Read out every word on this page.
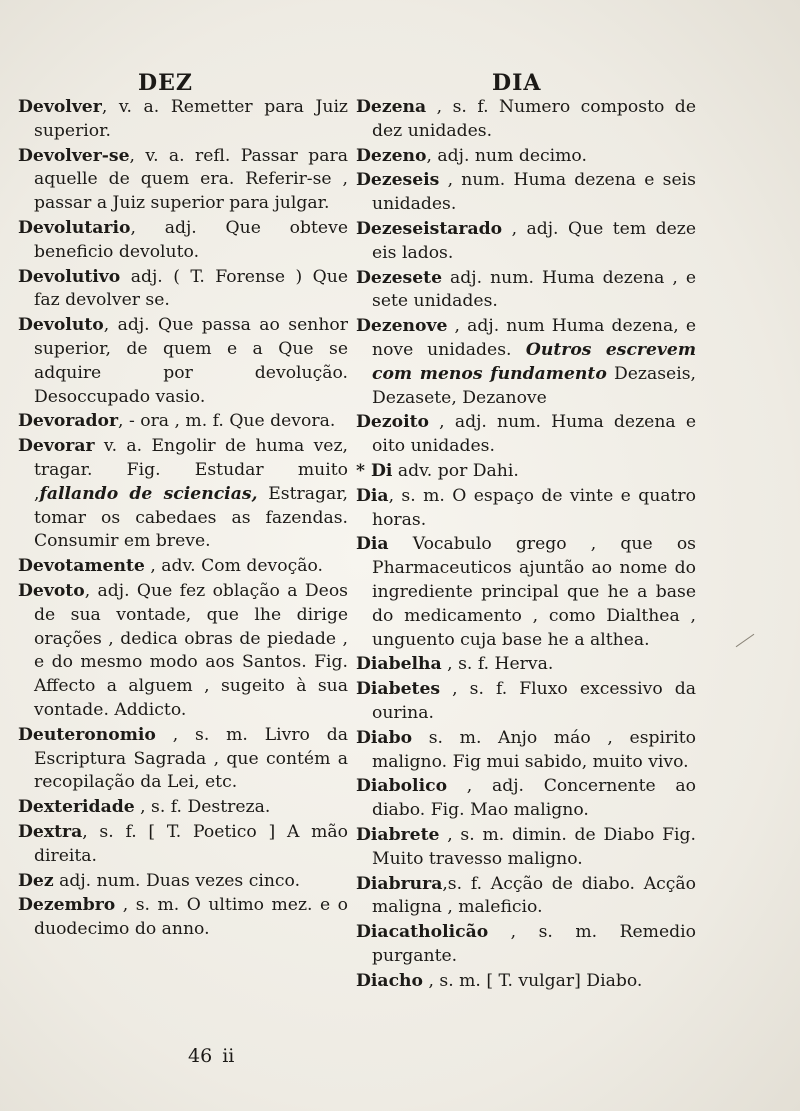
DEZ	DIA

Devolver, v. a. Remetter para Juiz superior.

Devolver-se, v. a. refl. Passar para aquelle de quem era. Referir-se , passar a Juiz superior para julgar.

Devolutario, adj. Que obteve beneficio devoluto.

Devolutivo adj. ( T. Forense ) Que faz devolver se.

Devoluto, adj. Que passa ao senhor superior, de quem e a Que se adquire por devolução. Desoccupado vasio.

Devorador, - ora , m. f. Que devora.

Devorar v. a. Engolir de huma vez, tragar. Fig. Estudar muito ,fallando de sciencias, Estragar, tomar os cabedaes as fazendas. Consumir em breve.

Devotamente , adv. Com devoção.

Devoto, adj. Que fez oblação a Deos de sua vontade, que lhe dirige orações , dedica obras de piedade , e do mesmo modo aos Santos. Fig. Affecto a alguem , sugeito à sua vontade. Addicto.

Deuteronomio , s. m. Livro da Escriptura Sagrada , que contém a recopilação da Lei, etc.

Dexteridade , s. f. Destreza.

Dextra, s. f. [ T. Poetico ] A mão direita.

Dez adj. num. Duas vezes cinco.

Dezembro , s. m. O ultimo mez. e o duodecimo do anno.

Dezena , s. f. Numero composto de dez unidades.

Dezeno, adj. num decimo.

Dezeseis , num. Huma dezena e seis unidades.

Dezeseistarado , adj. Que tem deze eis lados.

Dezesete adj. num. Huma dezena , e sete unidades.

Dezenove , adj. num Huma dezena, e nove unidades. Outros escrevem com menos fundamento Dezaseis, Dezasete, Dezanove

Dezoito , adj. num. Huma dezena e oito unidades.

* Di adv. por Dahi.

Dia, s. m. O espaço de vinte e quatro horas.

Dia Vocabulo grego , que os Pharmaceuticos ajuntão ao nome do ingrediente principal que he a base do medicamento , como Dialthea , unguento cuja base he a althea.

Diabelha , s. f. Herva.

Diabetes , s. f. Fluxo excessivo da ourina.

Diabo s. m. Anjo máo , espirito maligno. Fig mui sabido, muito vivo.

Diabolico , adj. Concernente ao diabo. Fig. Mao maligno.

Diabrete , s. m. dimin. de Diabo Fig. Muito travesso maligno.

Diabrura,s. f. Acção de diabo. Acção maligna , maleficio.

Diacatholicão , s. m. Remedio purgante.

Diacho , s. m. [ T. vulgar] Diabo.

46 ii
